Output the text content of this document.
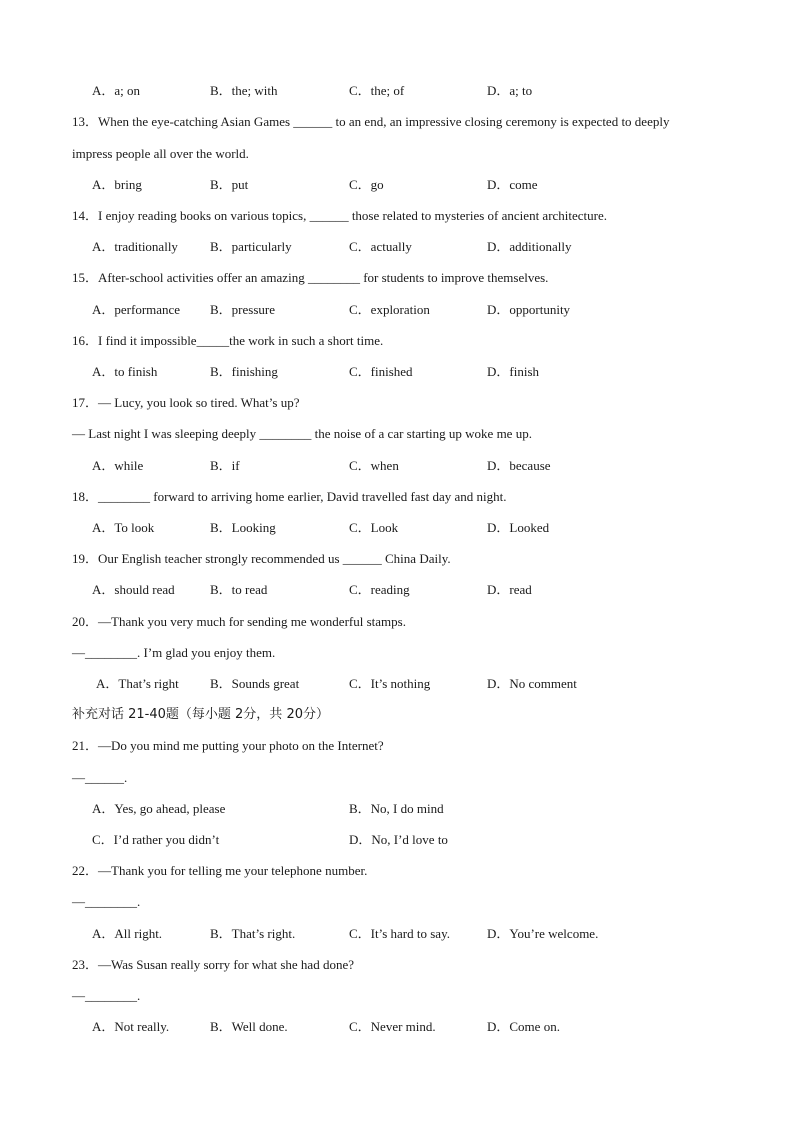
A．a; on	B．the; with	C．the; of	D．a; to
13．When the eye-catching Asian Games ______ to an end, an impressive closing ceremony is expected to deeply
impress people all over the world.
A．bring	B．put	C．go	D．come
14．I enjoy reading books on various topics, ______ those related to mysteries of ancient architecture.
A．traditionally B．particularly	C．actually	D．additionally
15．After-school activities offer an amazing ________ for students to improve themselves.
A．performance B．pressure	C．exploration	D．opportunity
16．I find it impossible_____the work in such a short time.
A．to finish	B．finishing	C．finished	D．finish
17．— Lucy, you look so tired. What’s up?
— Last night I was sleeping deeply ________ the noise of a car starting up woke me up.
A．while	B．if	C．when	D．because
18．________ forward to arriving home earlier, David travelled fast day and night.
A．To look	B．Looking	C．Look	D．Looked
19．Our English teacher strongly recommended us ______ China Daily.
A．should read	B．to read	C．reading	D．read
20．—Thank you very much for sending me wonderful stamps.
—________. I’m glad you enjoy them.
A．That’s right B．Sounds great	C．It’s nothing	D．No comment
补充对话 21-40题（每小题 2分，共 20分）
21．—Do you mind me putting your photo on the Internet?
—______.
A．Yes, go ahead, please	B．No, I do mind
C．I’d rather you didn’t	D．No, I’d love to
22．—Thank you for telling me your telephone number.
—________.
A．All right.	B．That’s right.	C．It’s hard to say.	D．You’re welcome.
23．—Was Susan really sorry for what she had done?
—________.
A．Not really.	B．Well done.	C．Never mind.	D．Come on.
